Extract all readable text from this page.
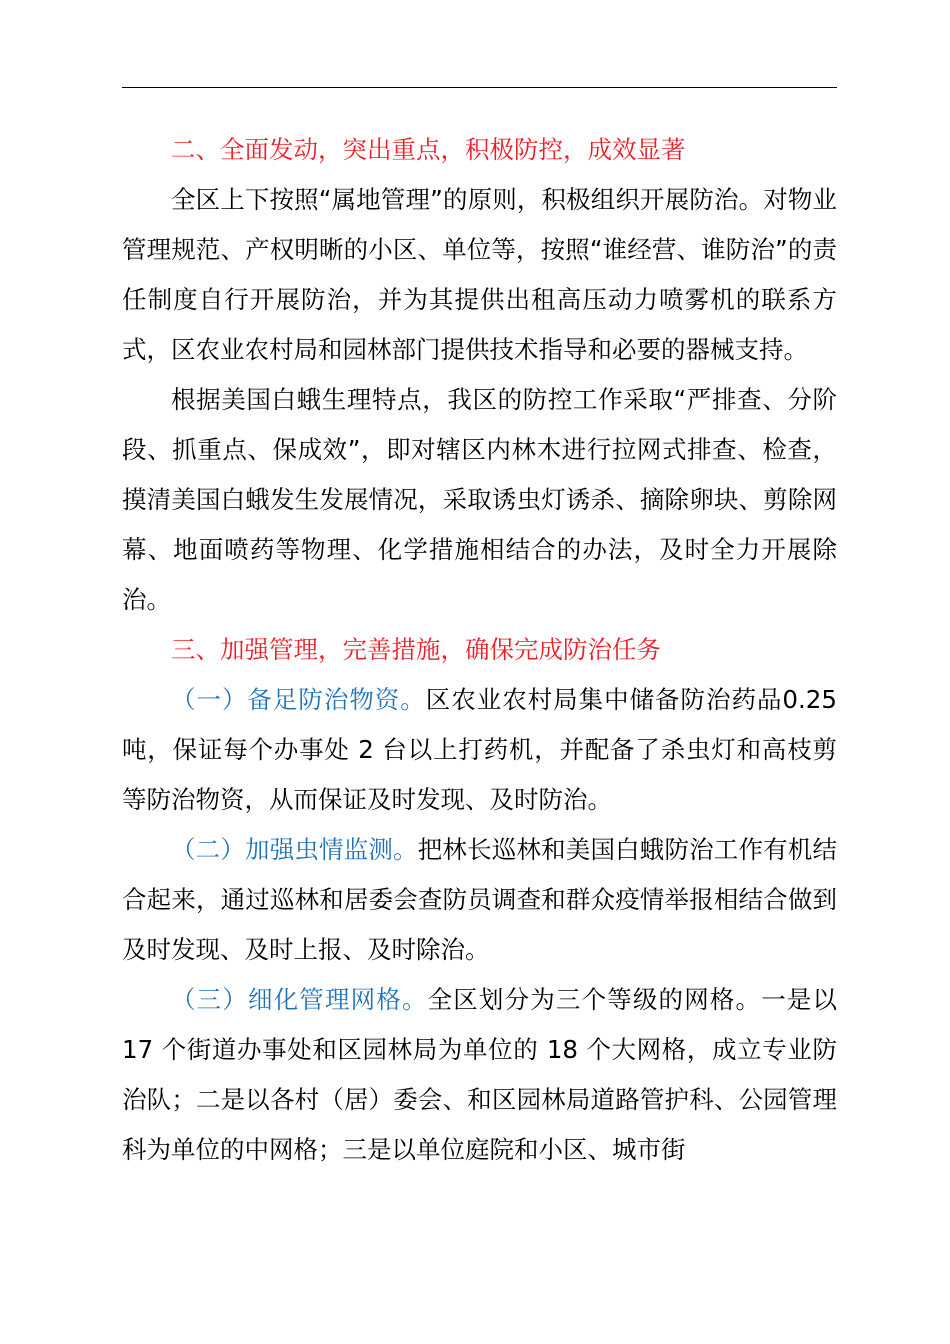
二、全面发动，突出重点，积极防控，成效显著

全区上下按照“属地管理”的原则，积极组织开展防治。对物业管理规范、产权明晰的小区、单位等，按照“谁经营、谁防治”的责任制度自行开展防治，并为其提供出租高压动力喷雾机的联系方式，区农业农村局和园林部门提供技术指导和必要的器械支持。

根据美国白蛾生理特点，我区的防控工作采取“严排查、分阶段、抓重点、保成效”，即对辖区内林木进行拉网式排查、检查，摸清美国白蛾发生发展情况，采取诱虫灯诱杀、摘除卵块、剪除网幕、地面喷药等物理、化学措施相结合的办法，及时全力开展除治。

三、加强管理，完善措施，确保完成防治任务

（一）备足防治物资。区农业农村局集中储备防治药品0.25 吨，保证每个办事处 2 台以上打药机，并配备了杀虫灯和高枝剪等防治物资，从而保证及时发现、及时防治。

（二）加强虫情监测。把林长巡林和美国白蛾防治工作有机结合起来，通过巡林和居委会查防员调查和群众疫情举报相结合做到及时发现、及时上报、及时除治。

（三）细化管理网格。全区划分为三个等级的网格。一是以 17 个街道办事处和区园林局为单位的 18 个大网格，成立专业防治队；二是以各村（居）委会、和区园林局道路管护科、公园管理科为单位的中网格；三是以单位庭院和小区、城市街
